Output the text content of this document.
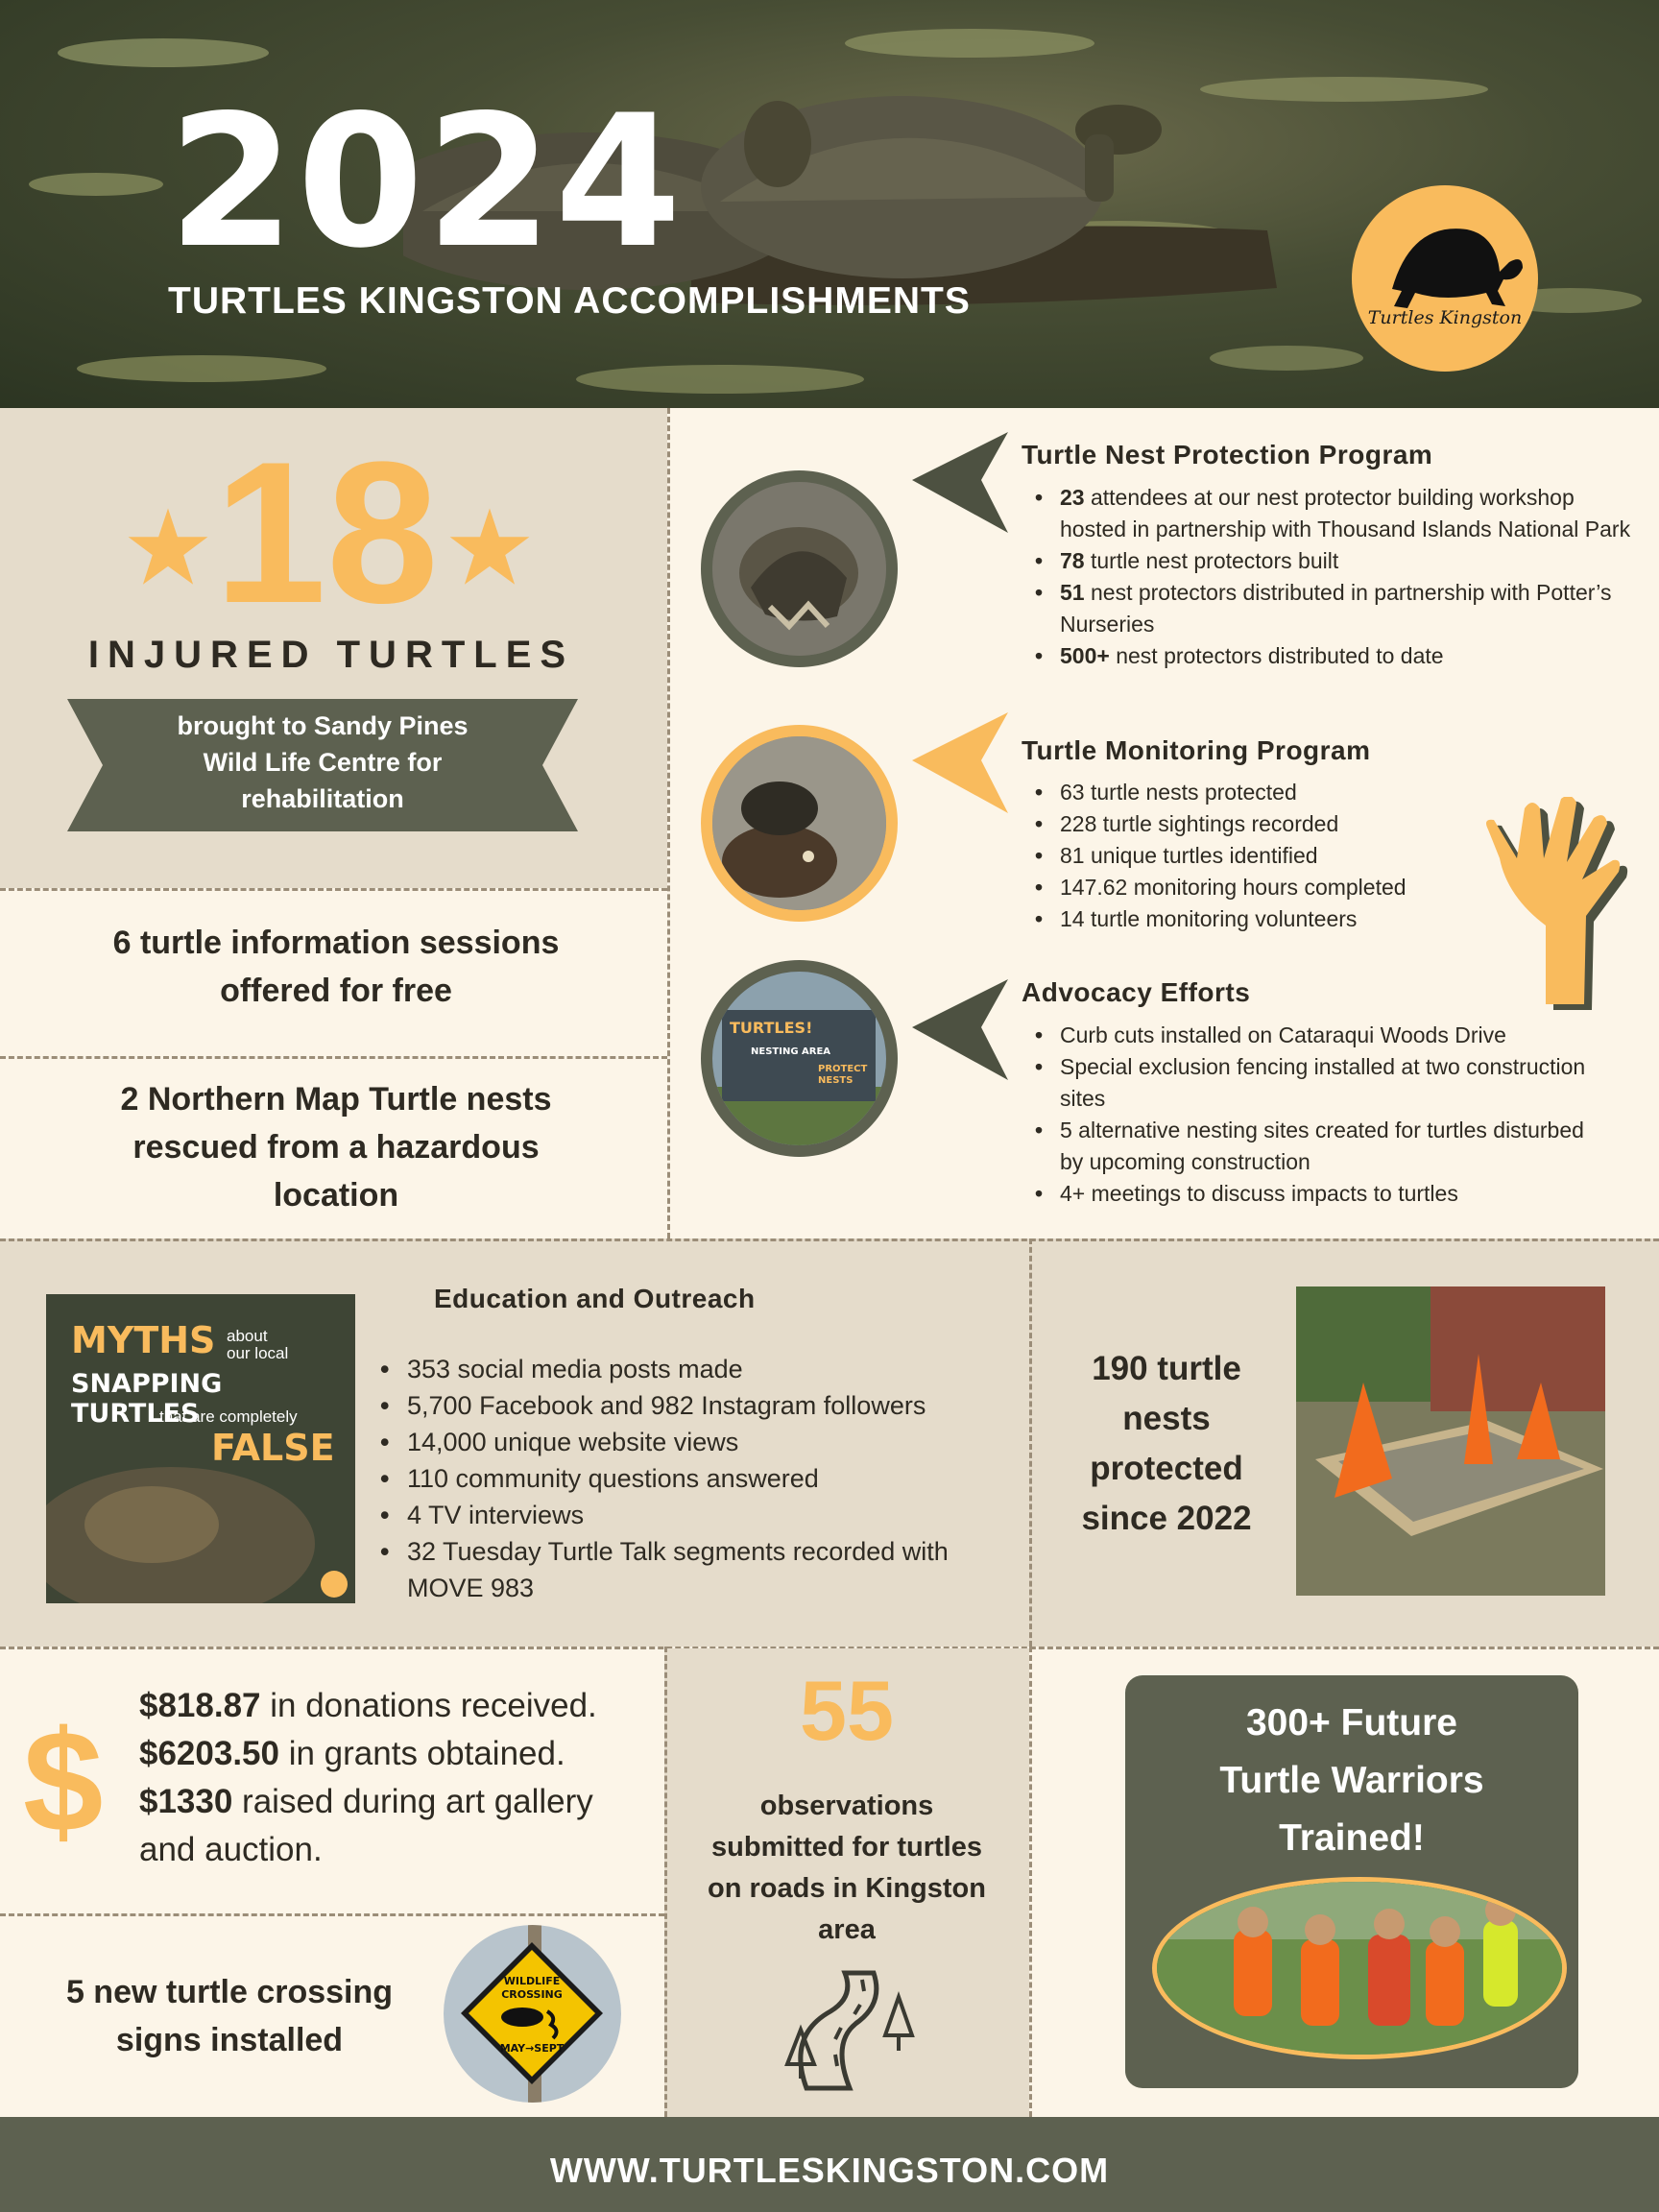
2024
TURTLES KINGSTON ACCOMPLISHMENTS	Turtles Kingston
18
INJURED TURTLES
brought to Sandy Pines
Wild Life Centre for
rehabilitation
6 turtle information sessions
offered for free
2 Northern Map Turtle nests
rescued from a hazardous
location
Turtle Nest Protection Program
• 23 attendees at our nest protector building workshop hosted in partnership with Thousand Islands National Park
• 78 turtle nest protectors built
• 51 nest protectors distributed in partnership with Potter’s Nurseries
• 500+ nest protectors distributed to date
Turtle Monitoring Program
• 63 turtle nests protected
• 228 turtle sightings recorded
• 81 unique turtles identified
• 147.62 monitoring hours completed
• 14 turtle monitoring volunteers
TURTLES!
NESTING AREA
PROTECT
NESTS
Advocacy Efforts
• Curb cuts installed on Cataraqui Woods Drive
• Special exclusion fencing installed at two construction sites
• 5 alternative nesting sites created for turtles disturbed by upcoming construction
• 4+ meetings to discuss impacts to turtles
MYTHS about
our local
SNAPPING TURTLES
that are completely
FALSE
Education and Outreach
• 353 social media posts made
• 5,700 Facebook and 982 Instagram followers
• 14,000 unique website views
• 110 community questions answered
• 4 TV interviews
• 32 Tuesday Turtle Talk segments recorded with MOVE 983
190 turtle
nests
protected
since 2022
$ $818.87 in donations received. $6203.50 in grants obtained. $1330 raised during art gallery and auction.
5 new turtle crossing
signs installed
WILDLIFE
CROSSING
MAY→SEPT
55
observations
submitted for turtles
on roads in Kingston
area
300+ Future
Turtle Warriors
Trained!
WWW.TURTLESKINGSTON.COM
